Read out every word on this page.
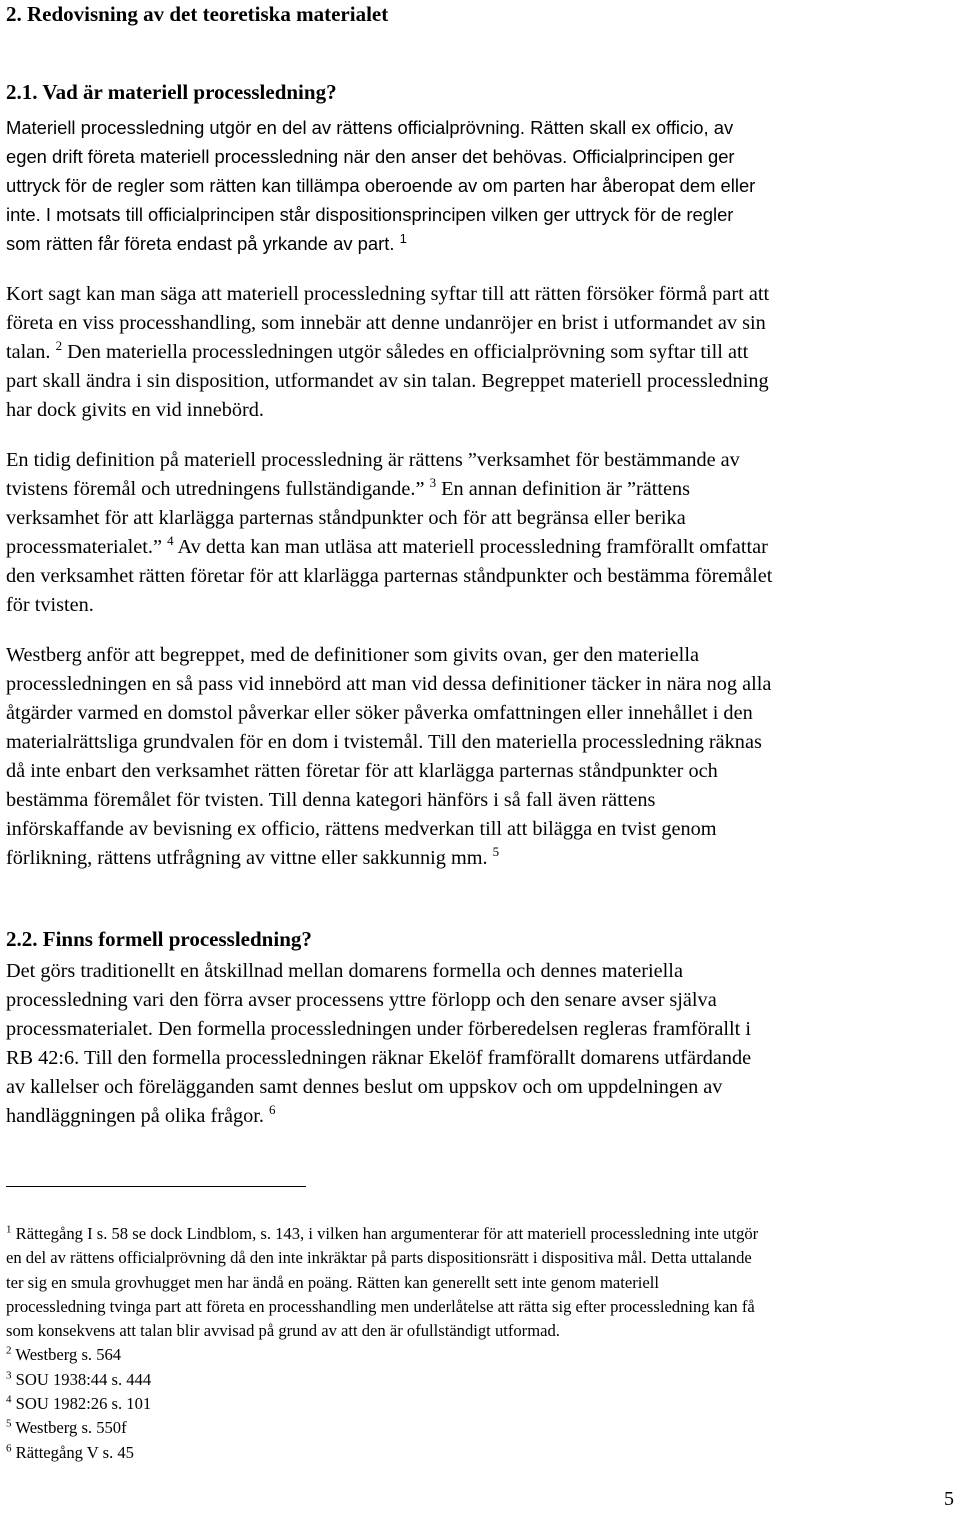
2. Redovisning av det teoretiska materialet
2.1. Vad är materiell processledning?
Materiell processledning utgör en del av rättens officialprövning. Rätten skall ex officio, av
egen drift företa materiell processledning när den anser det behövas. Officialprincipen ger
uttryck för de regler som rätten kan tillämpa oberoende av om parten har åberopat dem eller
inte. I motsats till officialprincipen står dispositionsprincipen vilken ger uttryck för de regler
som rätten får företa endast på yrkande av part. $^1$
Kort sagt kan man säga att materiell processledning syftar till att rätten försöker förmå part att
företa en viss processhandling, som innebär att denne undanröjer en brist i utformandet av sin
talan. $^2$ Den materiella processledningen utgör således en officialprövning som syftar till att
part skall ändra i sin disposition, utformandet av sin talan. Begreppet materiell processledning
har dock givits en vid innebörd.
En tidig definition på materiell processledning är rättens ”verksamhet för bestämmande av
tvistens föremål och utredningens fullständigande.” $^3$ En annan definition är ”rättens
verksamhet för att klarlägga parternas ståndpunkter och för att begränsa eller berika
processmaterialet.” $^4$ Av detta kan man utläsa att materiell processledning framförallt omfattar
den verksamhet rätten företar för att klarlägga parternas ståndpunkter och bestämma föremålet
för tvisten.
Westberg anför att begreppet, med de definitioner som givits ovan, ger den materiella
processledningen en så pass vid innebörd att man vid dessa definitioner täcker in nära nog alla
åtgärder varmed en domstol påverkar eller söker påverka omfattningen eller innehållet i den
materialrättsliga grundvalen för en dom i tvistemål. Till den materiella processledning räknas
då inte enbart den verksamhet rätten företar för att klarlägga parternas ståndpunkter och
bestämma föremålet för tvisten. Till denna kategori hänförs i så fall även rättens
införskaffande av bevisning ex officio, rättens medverkan till att bilägga en tvist genom
förlikning, rättens utfrågning av vittne eller sakkunnig mm. $^5$
2.2. Finns formell processledning?
Det görs traditionellt en åtskillnad mellan domarens formella och dennes materiella
processledning vari den förra avser processens yttre förlopp och den senare avser själva
processmaterialet. Den formella processledningen under förberedelsen regleras framförallt i
RB 42:6. Till den formella processledningen räknar Ekelöf framförallt domarens utfärdande
av kallelser och förelägganden samt dennes beslut om uppskov och om uppdelningen av
handläggningen på olika frågor. $^6$
$^1$ Rättegång I s. 58 se dock Lindblom, s. 143, i vilken han argumenterar för att materiell processledning inte utgör
en del av rättens officialprövning då den inte inkräktar på parts dispositionsrätt i dispositiva mål. Detta uttalande
ter sig en smula grovhugget men har ändå en poäng. Rätten kan generellt sett inte genom materiell
processledning tvinga part att företa en processhandling men underlåtelse att rätta sig efter processledning kan få
som konsekvens att talan blir avvisad på grund av att den är ofullständigt utformad.
$^2$ Westberg s. 564
$^3$ SOU 1938:44 s. 444
$^4$ SOU 1982:26 s. 101
$^5$ Westberg s. 550f
$^6$ Rättegång V s. 45
5
